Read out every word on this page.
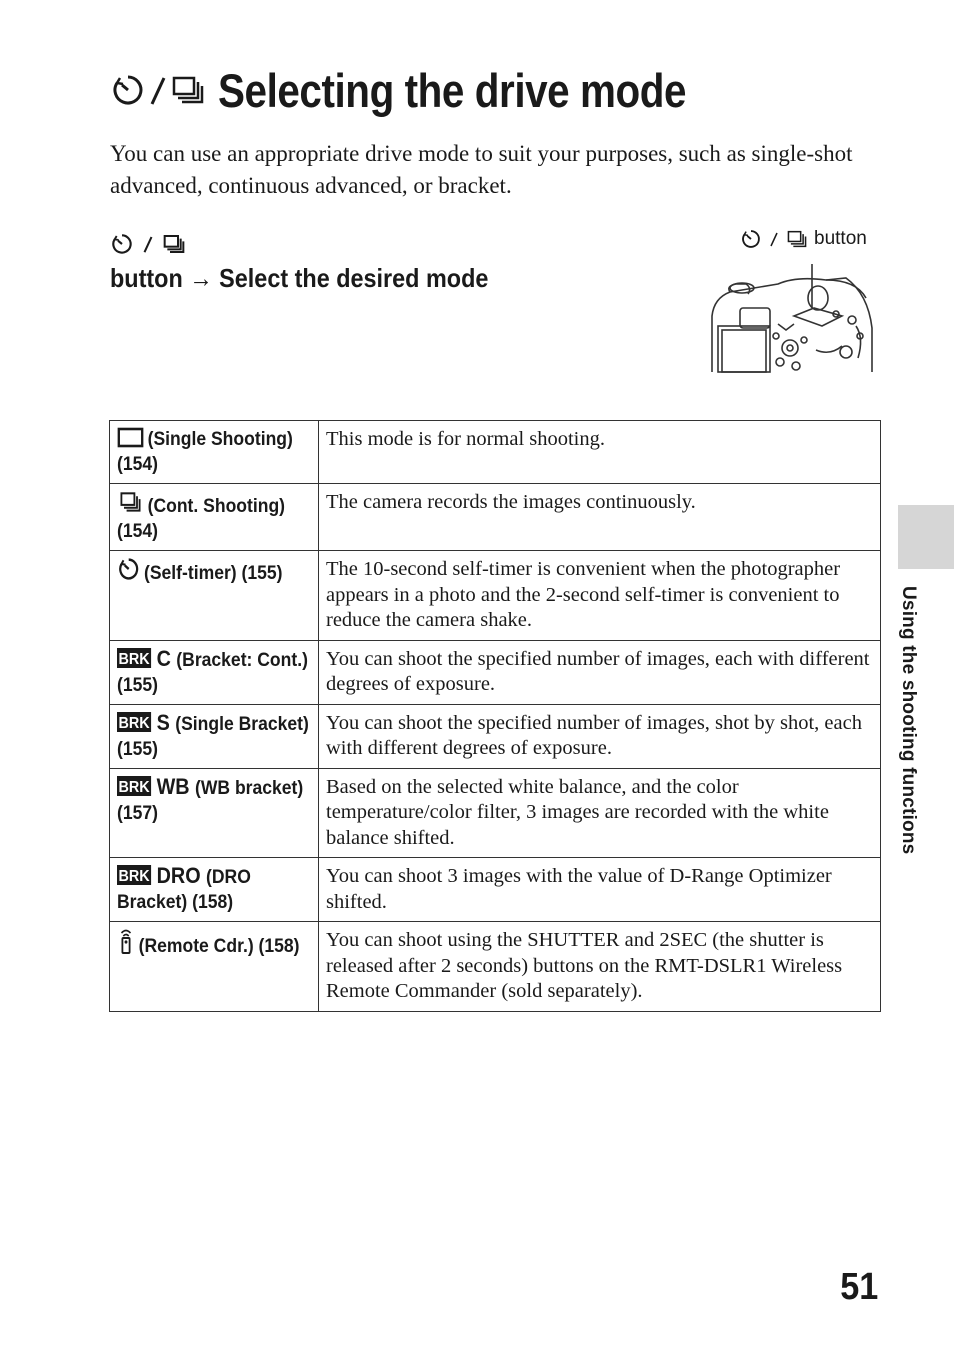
Selecting the drive mode
You can use an appropriate drive mode to suit your purposes, such as single-shot advanced, continuous advanced, or bracket.
button → Select the desired mode
button
(Single Shooting) (154)	This mode is for normal shooting.

(Cont. Shooting) (154)	The camera records the images continuously.

(Self-timer) (155)	The 10-second self-timer is convenient when the photographer appears in a photo and the 2-second self-timer is convenient to reduce the camera shake.

BRK C (Bracket: Cont.) (155)	You can shoot the specified number of images, each with different degrees of exposure.

BRK S (Single Bracket) (155)	You can shoot the specified number of images, shot by shot, each with different degrees of exposure.

BRK WB (WB bracket) (157)	Based on the selected white balance, and the color temperature/color filter, 3 images are recorded with the white balance shifted.

BRK DRO (DRO Bracket) (158)	You can shoot 3 images with the value of D-Range Optimizer shifted.

(Remote Cdr.) (158)	You can shoot using the SHUTTER and 2SEC (the shutter is released after 2 seconds) buttons on the RMT-DSLR1 Wireless Remote Commander (sold separately).
Using the shooting functions
51
